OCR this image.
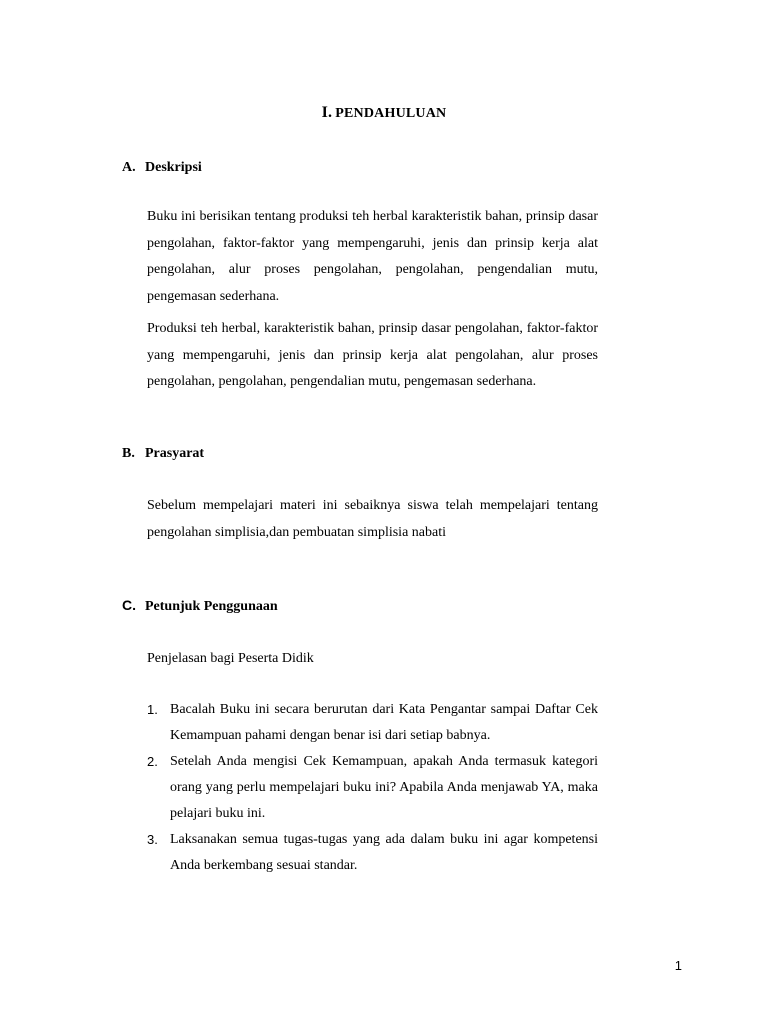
I. PENDAHULUAN
A. Deskripsi

Buku ini berisikan tentang produksi teh herbal karakteristik bahan, prinsip dasar pengolahan, faktor-faktor yang mempengaruhi, jenis dan prinsip kerja alat pengolahan, alur proses pengolahan, pengolahan, pengendalian mutu, pengemasan sederhana.

Produksi teh herbal, karakteristik bahan, prinsip dasar pengolahan, faktor-faktor yang mempengaruhi, jenis dan prinsip kerja alat pengolahan, alur proses pengolahan, pengolahan, pengendalian mutu, pengemasan sederhana.

B. Prasyarat

Sebelum mempelajari materi ini sebaiknya siswa telah mempelajari tentang pengolahan simplisia,dan pembuatan simplisia nabati

C. Petunjuk Penggunaan

Penjelasan bagi Peserta Didik

1. Bacalah Buku ini secara berurutan dari Kata Pengantar sampai Daftar Cek Kemampuan pahami dengan benar isi dari setiap babnya.
2. Setelah Anda mengisi Cek Kemampuan, apakah Anda termasuk kategori orang yang perlu mempelajari buku ini? Apabila Anda menjawab YA, maka pelajari buku ini.
3. Laksanakan semua tugas-tugas yang ada dalam buku ini agar kompetensi Anda berkembang sesuai standar.
1
